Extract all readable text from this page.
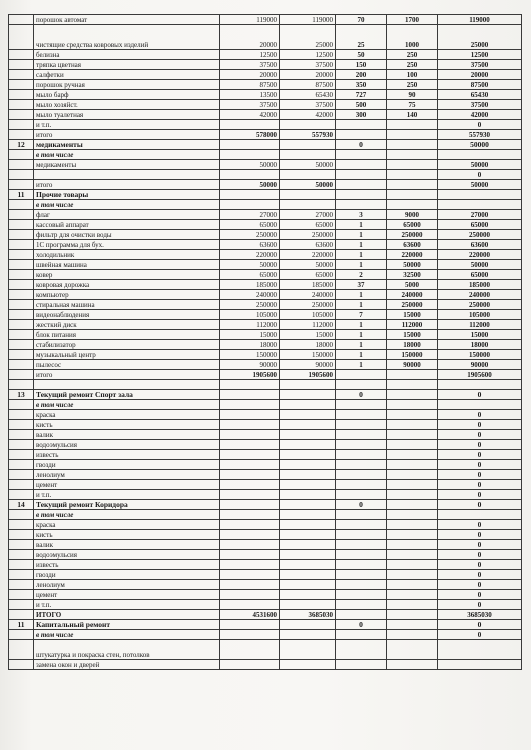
	порошок автомат	119000	119000	70	1700	119000
	чистящие средства ковровых изделий	20000	25000	25	1000	25000
	белизна	12500	12500	50	250	12500
	тряпка цветная	37500	37500	150	250	37500
	салфетки	20000	20000	200	100	20000
	порошок ручная	87500	87500	350	250	87500
	мыло барф	13500	65430	727	90	65430
	мыло хозяйст.	37500	37500	500	75	37500
	мыло туалетная	42000	42000	300	140	42000
	и т.п.					0
	итого	578000	557930			557930
12	медикаменты			0		50000
	в том числе					
	медикаменты	50000	50000			50000
						0
	итого	50000	50000			50000
11	Прочие товары					
	в том числе					
	флаг	27000	27000	3	9000	27000
	кассовый аппарат	65000	65000	1	65000	65000
	фильтр для очистки воды	250000	250000	1	250000	250000
	1С программа для бух.	63600	63600	1	63600	63600
	холодильник	220000	220000	1	220000	220000
	швейная машина	50000	50000	1	50000	50000
	ковер	65000	65000	2	32500	65000
	ковровая дорожка	185000	185000	37	5000	185000
	компьютер	240000	240000	1	240000	240000
	стиральная машина	250000	250000	1	250000	250000
	видеонаблюдения	105000	105000	7	15000	105000
	жесткий диск	112000	112000	1	112000	112000
	блок питания	15000	15000	1	15000	15000
	стабилизатор	18000	18000	1	18000	18000
	музыкальный центр	150000	150000	1	150000	150000
	пылесос	90000	90000	1	90000	90000
	итого	1905600	1905600			1905600

13	Текущий ремонт Спорт зала			0		0
	в том числе					
	краска					0
	кисть					0
	валик					0
	водоэмульсия					0
	известь					0
	гвозди					0
	ленолиум					0
	цемент					0
	и т.п.					0
14	Текущий ремонт Коридора			0		0
	в том числе					
	краска					0
	кисть					0
	валик					0
	водоэмульсия					0
	известь					0
	гвозди					0
	ленолиум					0
	цемент					0
	и т.п.					0
	ИТОГО	4531600	3685030			3685030
11	Капитальный ремонт			0		0
	в том числе					0
	штукатурка и покраска стен, потолков					
	замена окон и дверей					
